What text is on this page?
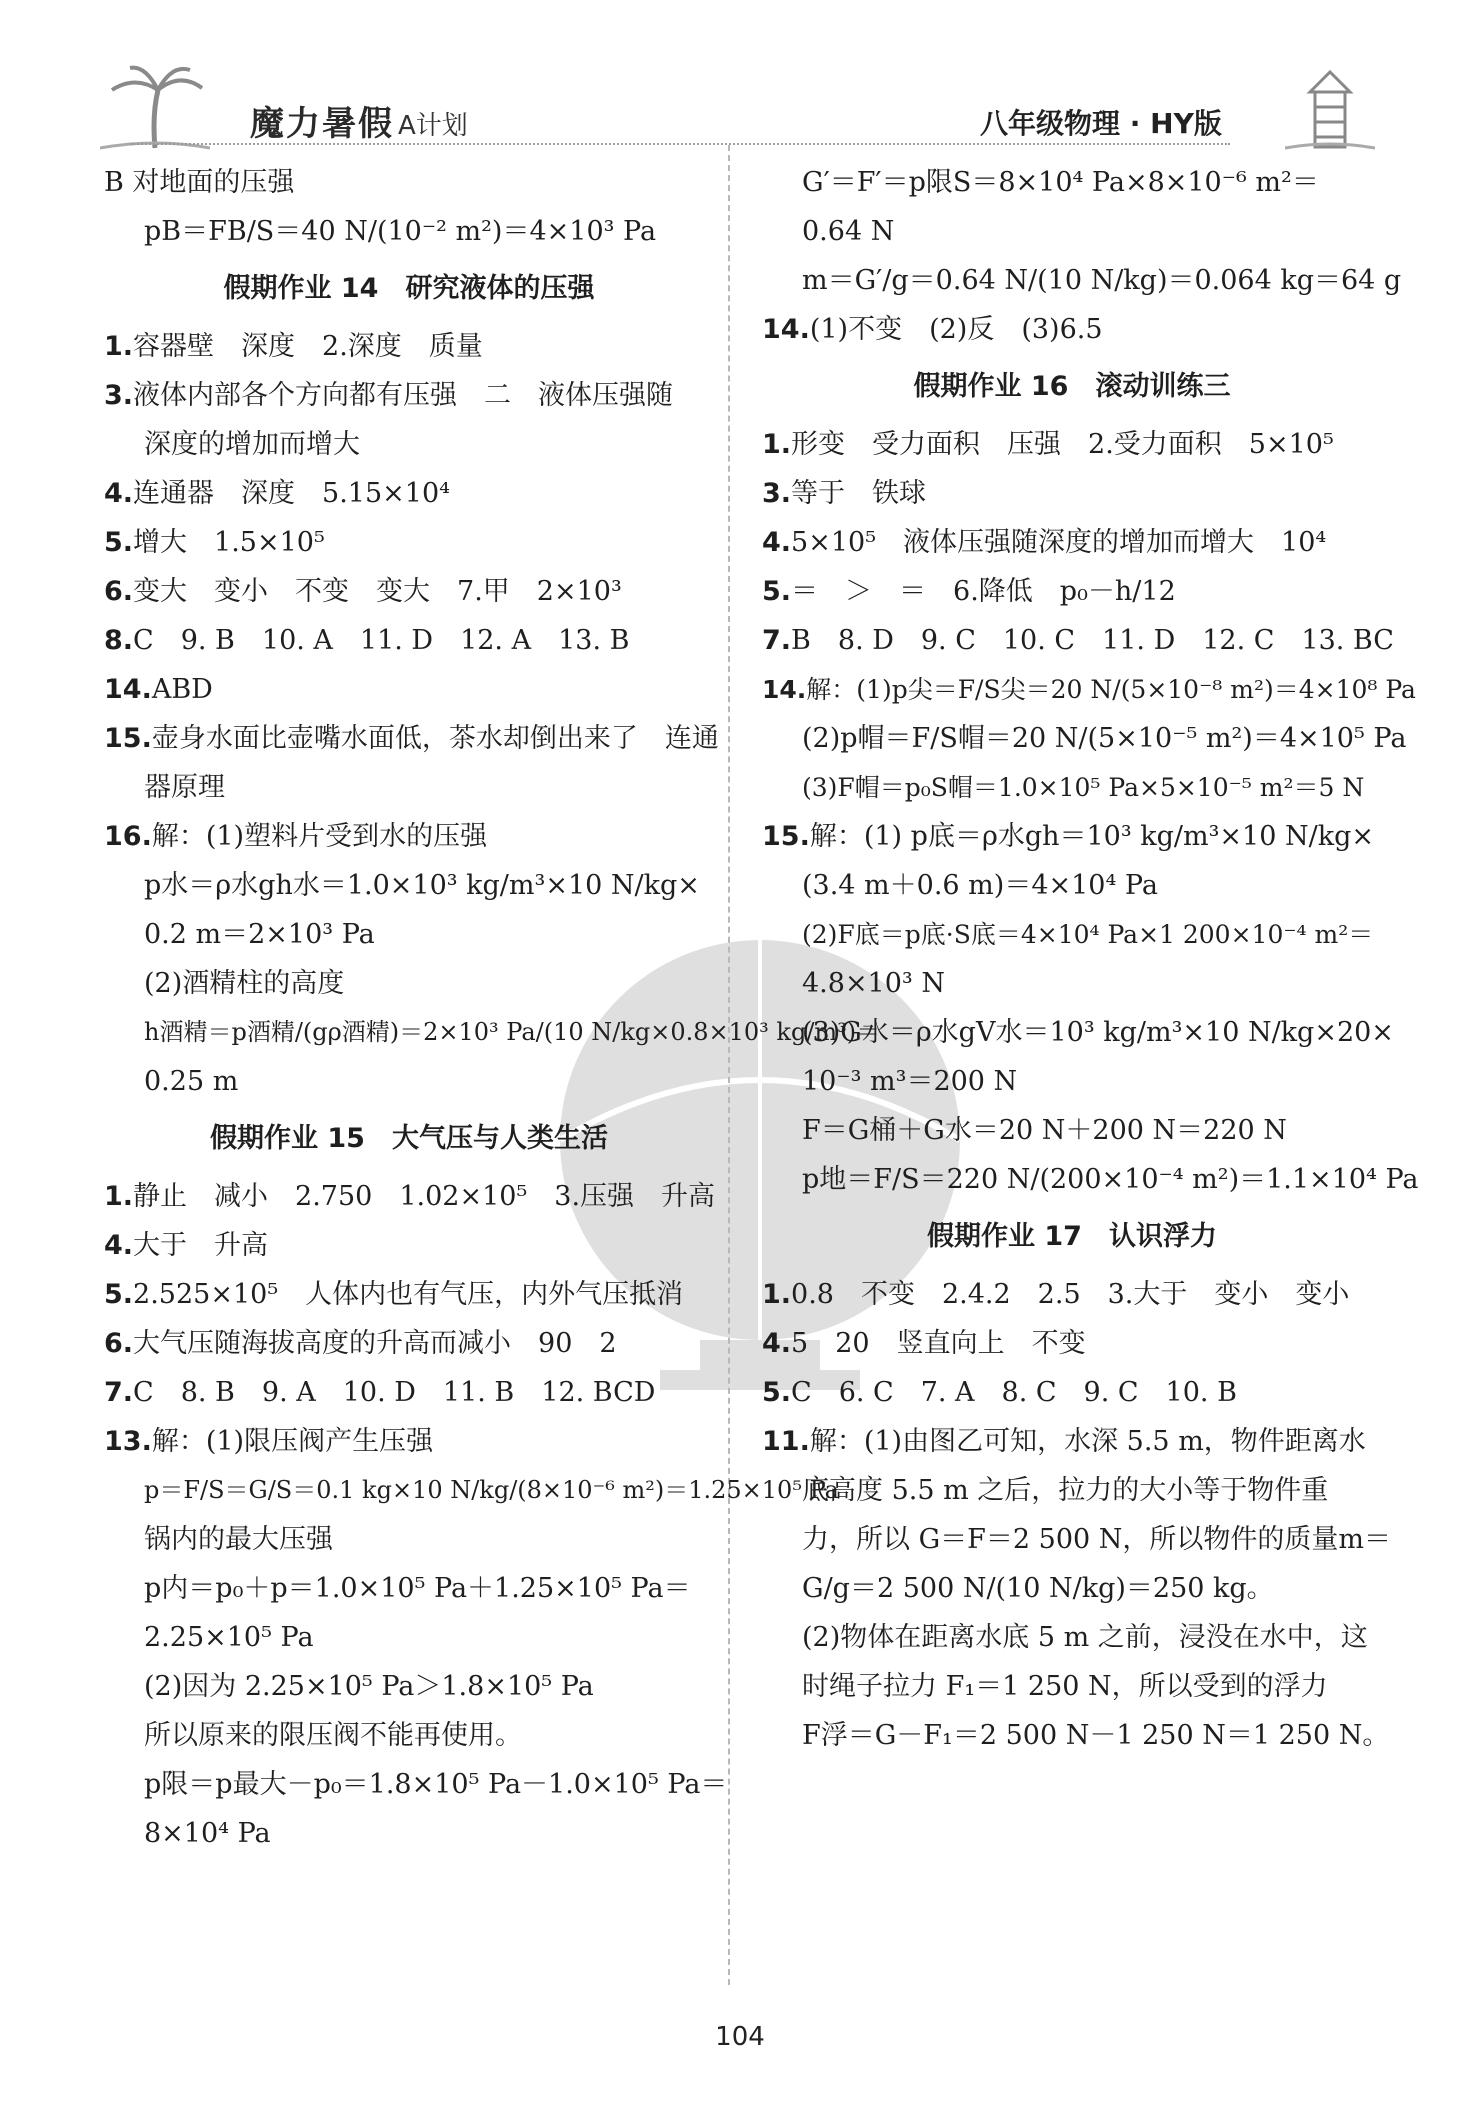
魔力暑假 A计划	八年级物理 · HY版
B 对地面的压强
pB＝FB/S＝40 N/(10⁻² m²)＝4×10³ Pa
假期作业 14　研究液体的压强
1.容器壁　深度　2.深度　质量
3.液体内部各个方向都有压强　二　液体压强随
深度的增加而增大
4.连通器　深度　5.15×10⁴
5.增大　1.5×10⁵
6.变大　变小　不变　变大　7.甲　2×10³
8.C　9. B　10. A　11. D　12. A　13. B
14.ABD
15.壶身水面比壶嘴水面低，茶水却倒出来了　连通
器原理
16.解：(1)塑料片受到水的压强
p水＝ρ水gh水＝1.0×10³ kg/m³×10 N/kg×
0.2 m＝2×10³ Pa
(2)酒精柱的高度
h酒精＝p酒精/(gρ酒精)＝2×10³ Pa/(10 N/kg×0.8×10³ kg/m³)＝
0.25 m
假期作业 15　大气压与人类生活
1.静止　减小　2.750　1.02×10⁵　3.压强　升高
4.大于　升高
5.2.525×10⁵　人体内也有气压，内外气压抵消
6.大气压随海拔高度的升高而减小　90　2
7.C　8. B　9. A　10. D　11. B　12. BCD
13.解：(1)限压阀产生压强
p＝F/S＝G/S＝0.1 kg×10 N/kg/(8×10⁻⁶ m²)＝1.25×10⁵ Pa
锅内的最大压强
p内＝p₀＋p＝1.0×10⁵ Pa＋1.25×10⁵ Pa＝
2.25×10⁵ Pa
(2)因为 2.25×10⁵ Pa＞1.8×10⁵ Pa
所以原来的限压阀不能再使用。
p限＝p最大－p₀＝1.8×10⁵ Pa－1.0×10⁵ Pa＝
8×10⁴ Pa
G′＝F′＝p限S＝8×10⁴ Pa×8×10⁻⁶ m²＝
0.64 N
m＝G′/g＝0.64 N/(10 N/kg)＝0.064 kg＝64 g
14.(1)不变　(2)反　(3)6.5
假期作业 16　滚动训练三
1.形变　受力面积　压强　2.受力面积　5×10⁵
3.等于　铁球
4.5×10⁵　液体压强随深度的增加而增大　10⁴
5.＝　＞　＝　6.降低　p₀－h/12
7.B　8. D　9. C　10. C　11. D　12. C　13. BC
14.解：(1)p尖＝F/S尖＝20 N/(5×10⁻⁸ m²)＝4×10⁸ Pa
(2)p帽＝F/S帽＝20 N/(5×10⁻⁵ m²)＝4×10⁵ Pa
(3)F帽＝p₀S帽＝1.0×10⁵ Pa×5×10⁻⁵ m²＝5 N
15.解：(1) p底＝ρ水gh＝10³ kg/m³×10 N/kg×
(3.4 m＋0.6 m)＝4×10⁴ Pa
(2)F底＝p底·S底＝4×10⁴ Pa×1 200×10⁻⁴ m²＝
4.8×10³ N
(3)G水＝ρ水gV水＝10³ kg/m³×10 N/kg×20×
10⁻³ m³＝200 N
F＝G桶＋G水＝20 N＋200 N＝220 N
p地＝F/S＝220 N/(200×10⁻⁴ m²)＝1.1×10⁴ Pa
假期作业 17　认识浮力
1.0.8　不变　2.4.2　2.5　3.大于　变小　变小
4.5　20　竖直向上　不变
5.C　6. C　7. A　8. C　9. C　10. B
11.解：(1)由图乙可知，水深 5.5 m，物件距离水
底高度 5.5 m 之后，拉力的大小等于物件重
力，所以 G＝F＝2 500 N，所以物件的质量m＝
G/g＝2 500 N/(10 N/kg)＝250 kg。
(2)物体在距离水底 5 m 之前，浸没在水中，这
时绳子拉力 F₁＝1 250 N，所以受到的浮力
F浮＝G－F₁＝2 500 N－1 250 N＝1 250 N。
104
